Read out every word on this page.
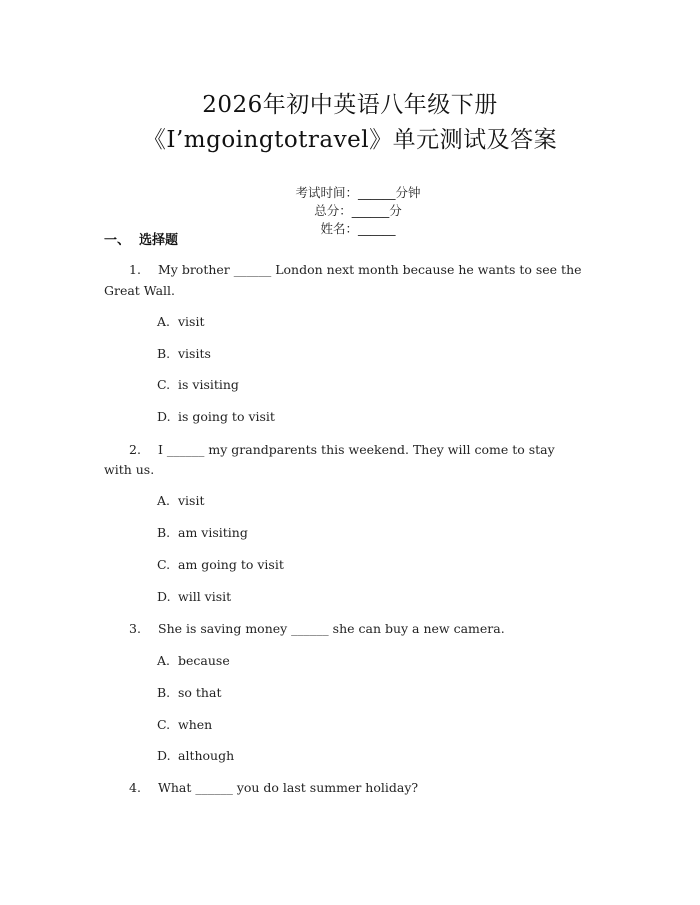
2026年初中英语八年级下册
《I’mgoingtotravel》单元测试及答案

考试时间：______分钟
总分：______分
姓名：______

一、  选择题
1. My brother ______ London next month because he wants to see the
Great Wall.
A. visit
B. visits
C. is visiting
D. is going to visit
2. I ______ my grandparents this weekend. They will come to stay
with us.
A. visit
B. am visiting
C. am going to visit
D. will visit
3. She is saving money ______ she can buy a new camera.
A. because
B. so that
C. when
D. although
4. What ______ you do last summer holiday?
